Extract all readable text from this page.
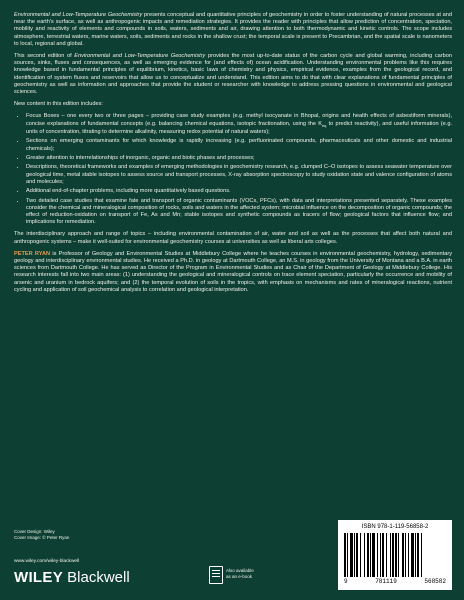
Environmental and Low-Temperature Geochemistry presents conceptual and quantitative principles of geochemistry in order to foster understanding of natural processes at and near the earth's surface, as well as anthropogenic impacts and remediation strategies. It provides the reader with principles that allow prediction of concentration, speciation, mobility and reactivity of elements and compounds in soils, waters, sediments and air, drawing attention to both thermodynamic and kinetic controls. The scope includes atmosphere, terrestrial waters, marine waters, soils, sediments and rocks in the shallow crust; the temporal scale is present to Precambrian, and the spatial scale is nanometers to local, regional and global.

This second edition of Environmental and Low-Temperature Geochemistry provides the most up-to-date status of the carbon cycle and global warming, including carbon sources, sinks, fluxes and consequences, as well as emerging evidence for (and effects of) ocean acidification. Understanding environmental problems like this requires knowledge based in fundamental principles of equilibrium, kinetics, basic laws of chemistry and physics, empirical evidence, examples from the geological record, and identification of system fluxes and reservoirs that allow us to conceptualize and understand. This edition aims to do that with clear explanations of fundamental principles of geochemistry as well as information and approaches that provide the student or researcher with knowledge to address pressing questions in environmental and geological sciences.

New content in this edition includes:

• Focus Boxes – one every two or three pages – providing case study examples (e.g. methyl isocyanate in Bhopal, origins and health effects of asbestiform minerals), concise explanations of fundamental concepts (e.g. balancing chemical equations, isotopic fractionation, using the $K_{eq}$ to predict reactivity), and useful information (e.g. units of concentration, titrating to determine alkalinity, measuring redox potential of natural waters);
• Sections on emerging contaminants for which knowledge is rapidly increasing (e.g. perfluorinated compounds, pharmaceuticals and other domestic and industrial chemicals);
• Greater attention to interrelationships of inorganic, organic and biotic phases and processes;
• Descriptions, theoretical frameworks and examples of emerging methodologies in geochemistry research, e.g. clumped C–O isotopes to assess seawater temperature over geological time, metal stable isotopes to assess source and transport processes, X-ray absorption spectroscopy to study oxidation state and valence configuration of atoms and molecules;
• Additional end-of-chapter problems, including more quantitatively based questions.
• Two detailed case studies that examine fate and transport of organic contaminants (VOCs, PFCs), with data and interpretations presented separately. These examples consider the chemical and mineralogical composition of rocks, soils and waters in the affected system; microbial influence on the decomposition of organic compounds; the effect of reduction-oxidation on transport of Fe, As and Mn; stable isotopes and synthetic compounds as tracers of flow; geological factors that influence flow; and implications for remediation.

The interdisciplinary approach and range of topics – including environmental contamination of air, water and soil as well as the processes that affect both natural and anthropogenic systems – make it well-suited for environmental geochemistry courses at universities as well as liberal arts colleges.

PETER RYAN is Professor of Geology and Environmental Studies at Middlebury College where he teaches courses in environmental geochemistry, hydrology, sedimentary geology and interdisciplinary environmental studies. He received a Ph.D. in geology at Dartmouth College, an M.S. in geology from the University of Montana and a B.A. in earth sciences from Dartmouth College. He has served as Director of the Program in Environmental Studies and as Chair of the Department of Geology at Middlebury College. His research interests fall into two main areas: (1) understanding the geological and mineralogical controls on trace element speciation, particularly the occurrence and mobility of arsenic and uranium in bedrock aquifers; and (2) the temporal evolution of soils in the tropics, with emphasis on mechanisms and rates of mineralogical reactions, nutrient cycling and application of soil geochemical analysis to correlation and geological interpretation.

Cover Design: Wiley
Cover Image: © Peter Ryan
www.wiley.com/wiley-blackwell
WILEY Blackwell	Also available
as an e-book
ISBN 978-1-119-56858-2
9	781119	568582
